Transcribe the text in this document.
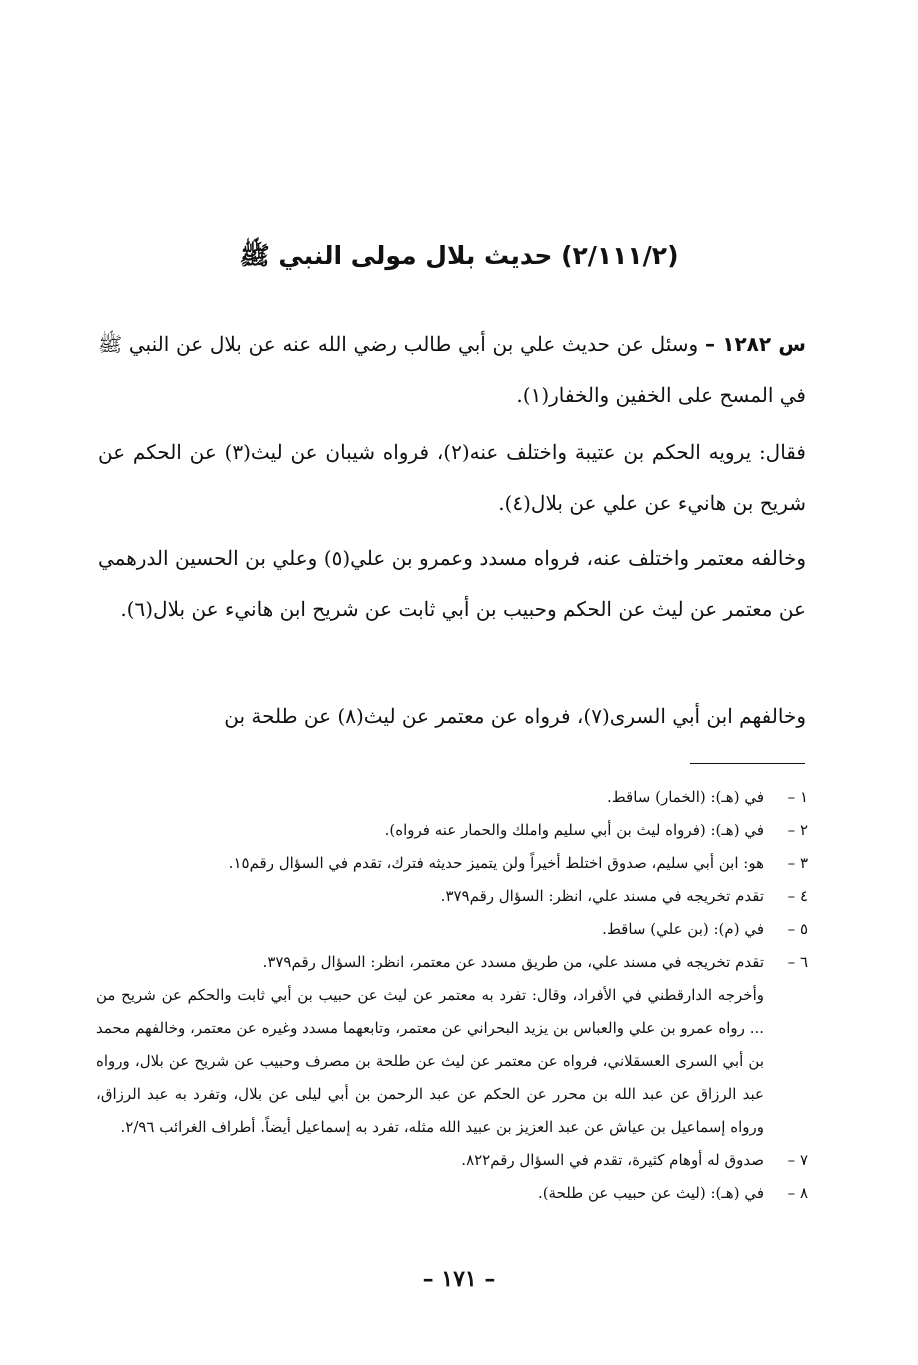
(٢/١١١/٢) حديث بلال مولى النبي ﷺ
س ١٢٨٢ – وسئل عن حديث علي بن أبي طالب رضي الله عنه عن بلال عن النبي ﷺ في المسح على الخفين والخفار(١).
فقال: يرويه الحكم بن عتيبة واختلف عنه(٢)، فرواه شيبان عن ليث(٣) عن الحكم عن شريح بن هانيء عن علي عن بلال(٤).
وخالفه معتمر واختلف عنه، فرواه مسدد وعمرو بن علي(٥) وعلي بن الحسين الدرهمي عن معتمر عن ليث عن الحكم وحبيب بن أبي ثابت عن شريح ابن هانيء عن بلال(٦).
وخالفهم ابن أبي السرى(٧)، فرواه عن معتمر عن ليث(٨) عن طلحة بن
١ –
في (هـ): (الخمار) ساقط.
٢ –
في (هـ): (فرواه ليث بن أبي سليم واملك والحمار عنه فرواه).
٣ –
هو: ابن أبي سليم، صدوق اختلط أخيراً ولن يتميز حديثه فترك، تقدم في السؤال رقم١٥.
٤ –
تقدم تخريجه في مسند علي، انظر: السؤال رقم٣٧٩.
٥ –
في (م): (بن علي) ساقط.
٦ –
تقدم تخريجه في مسند علي، من طريق مسدد عن معتمر، انظر: السؤال رقم٣٧٩.
وأخرجه الدارقطني في الأفراد، وقال: تفرد به معتمر عن ليث عن حبيب بن أبي ثابت والحكم عن شريح من ... رواه عمرو بن علي والعباس بن يزيد البحراني عن معتمر، وتابعهما مسدد وغيره عن معتمر، وخالفهم محمد بن أبي السرى العسقلاني، فرواه عن معتمر عن ليث عن طلحة بن مصرف وحبيب عن شريح عن بلال، ورواه عبد الرزاق عن عبد الله بن محرر عن الحكم عن عبد الرحمن بن أبي ليلى عن بلال، وتفرد به عبد الرزاق، ورواه إسماعيل بن عياش عن عبد العزيز بن عبيد الله مثله، تفرد به إسماعيل أيضاً. أطراف الغرائب ٢/٩٦.
٧ –
صدوق له أوهام كثيرة، تقدم في السؤال رقم٨٢٢.
٨ –
في (هـ): (ليث عن حبيب عن طلحة).
– ١٧١ –
